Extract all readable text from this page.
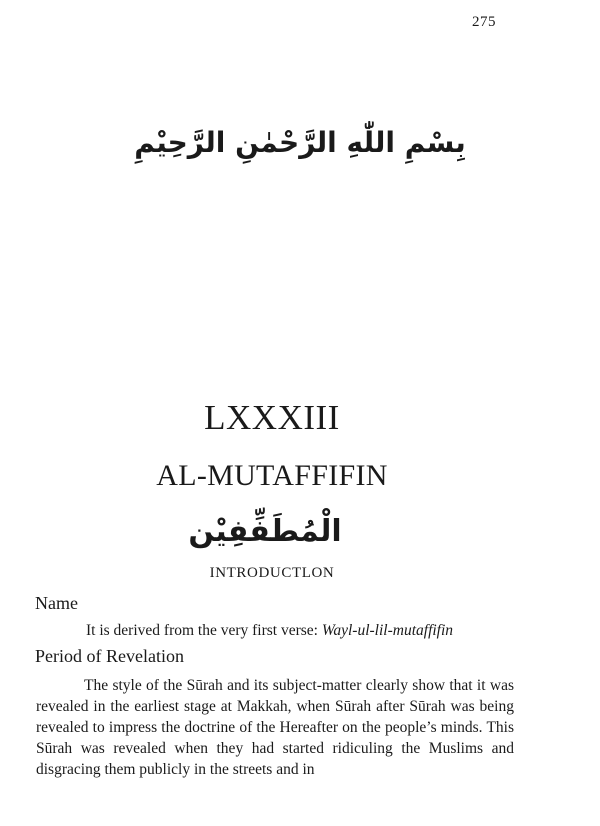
275
بِسْمِ اللّٰهِ الرَّحْمٰنِ الرَّحِيْمِ
LXXXIII
AL-MUTAFFIFIN
الْمُطَفِّفِيْن
INTRODUCTLON
Name

It is derived from the very first verse: Wayl-ul-lil-mutaffifin

Period of Revelation

The style of the Sūrah and its subject-matter clearly show that it was revealed in the earliest stage at Makkah, when Sūrah after Sūrah was being revealed to impress the doctrine of the Hereafter on the people’s minds. This Sūrah was revealed when they had started ridiculing the Muslims and disgracing them publicly in the streets and in
